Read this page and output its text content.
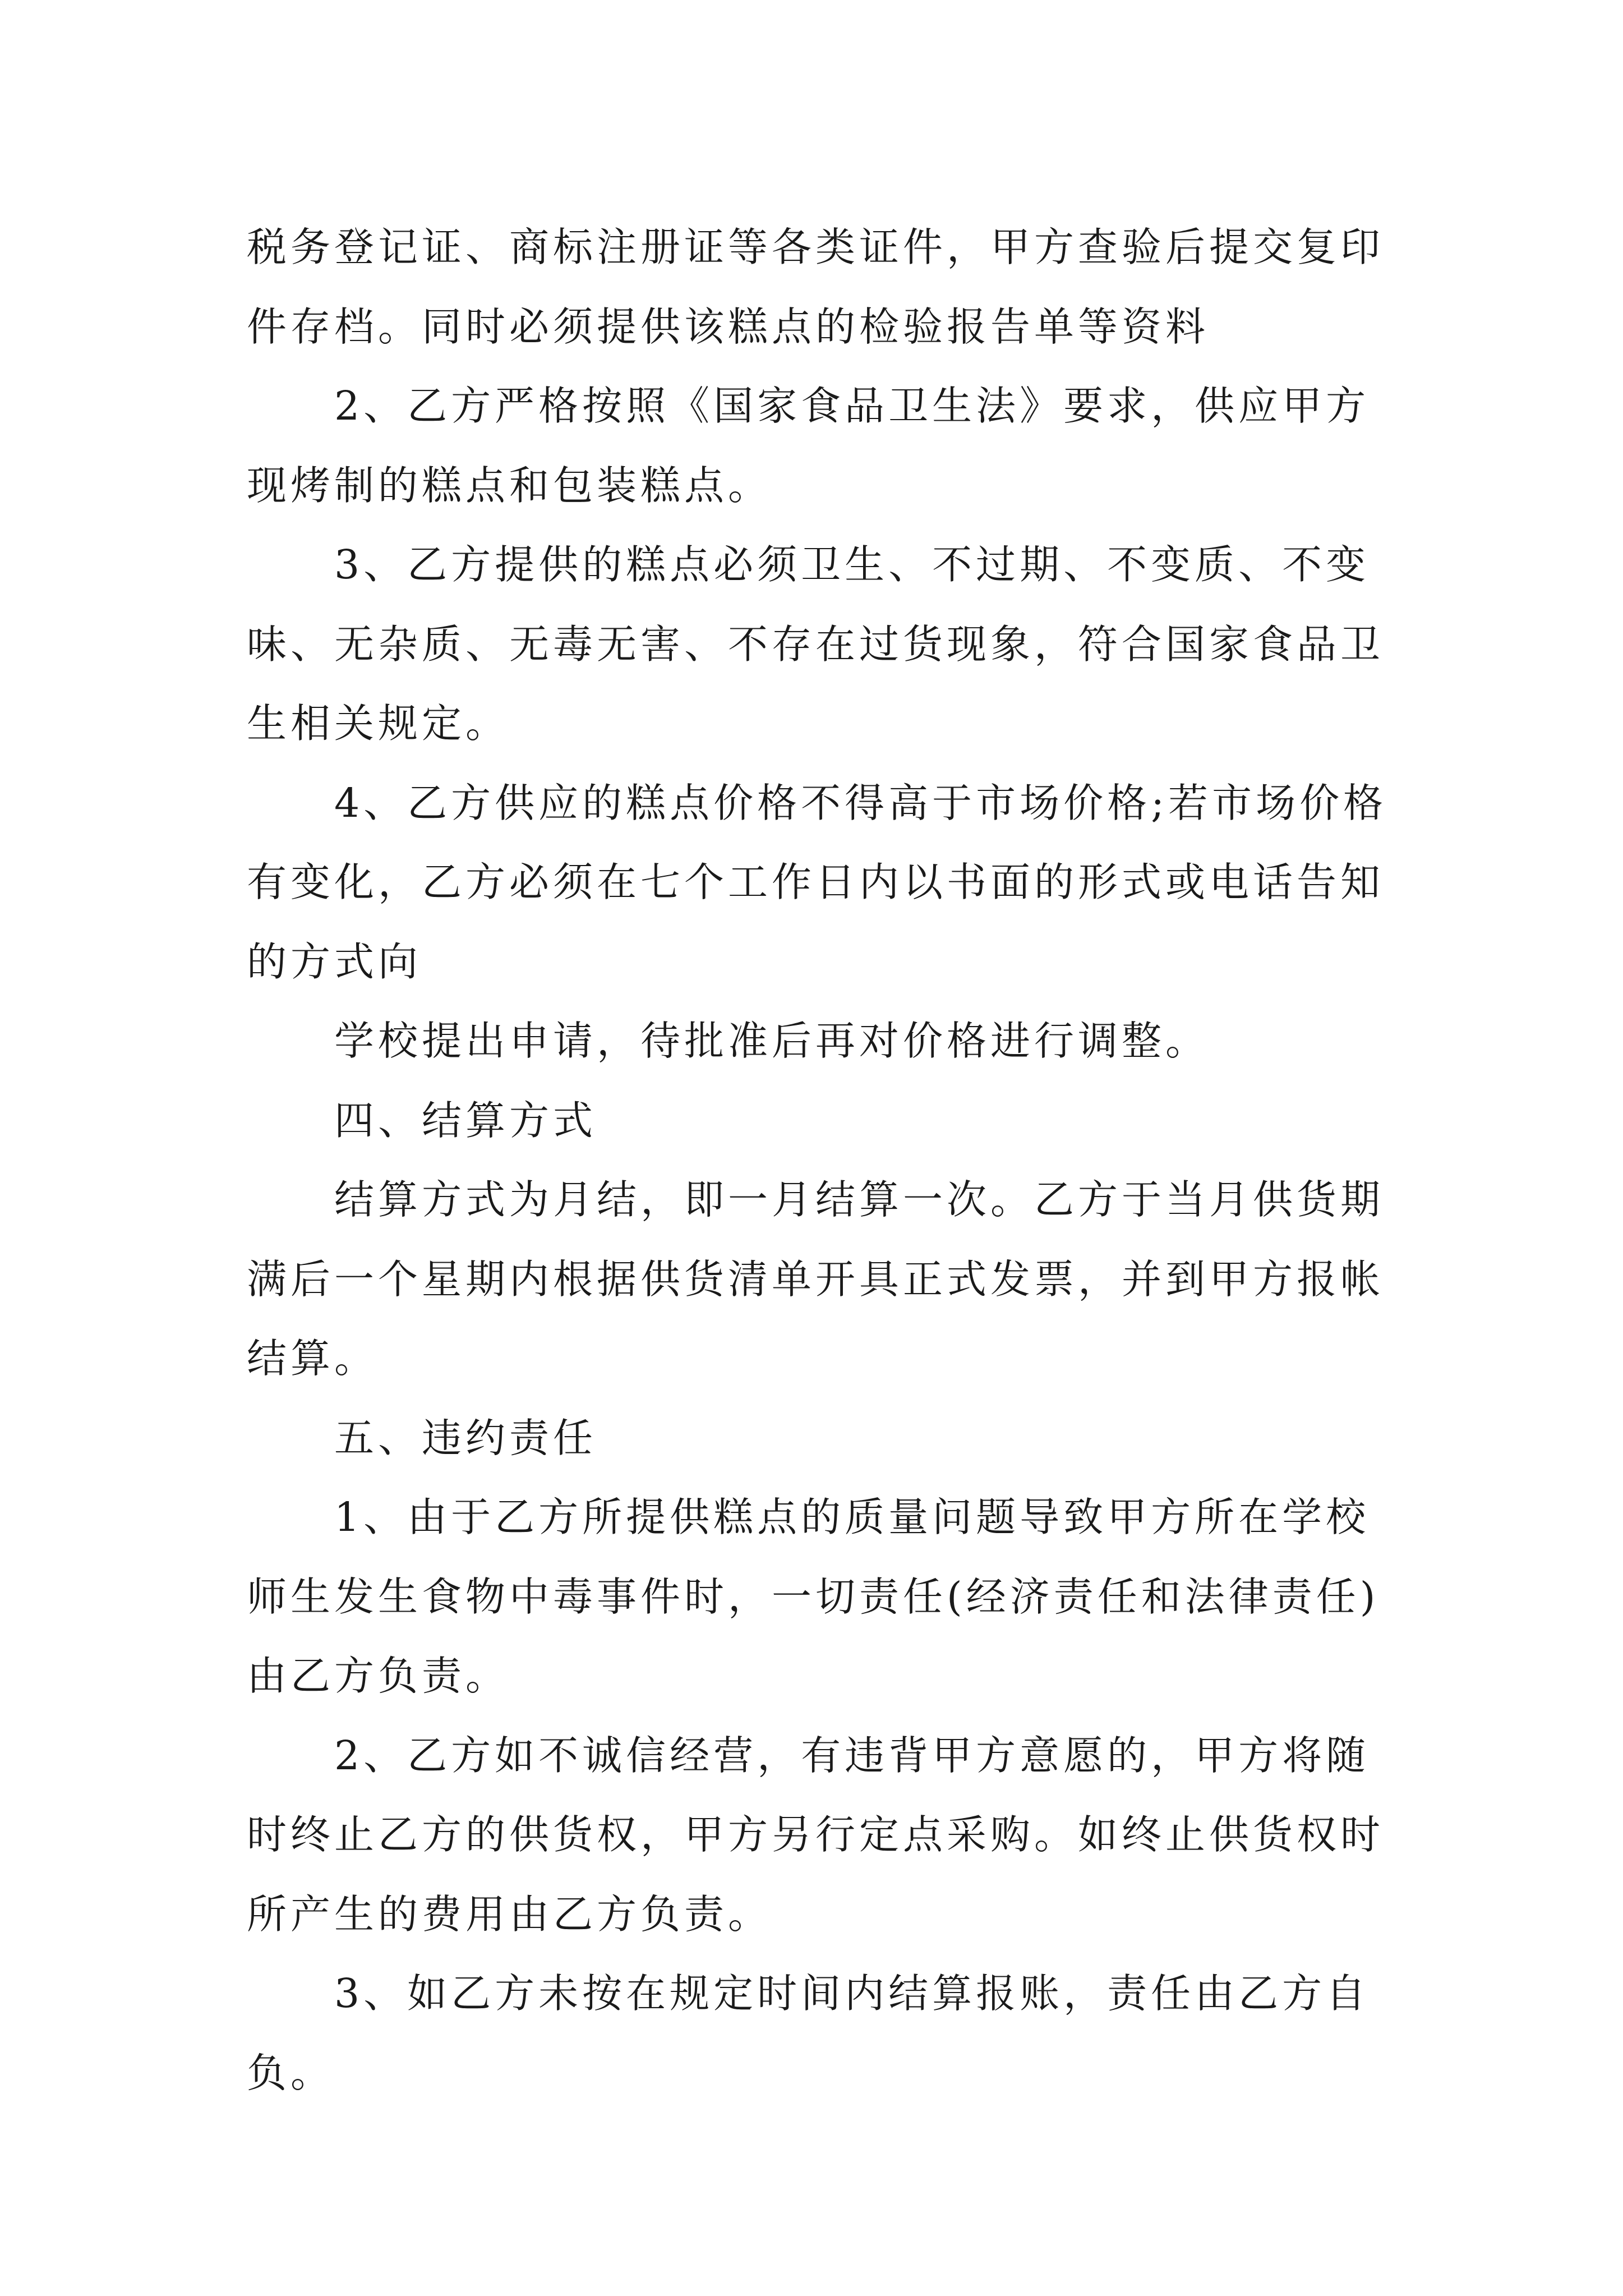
税务登记证、商标注册证等各类证件，甲方查验后提交复印
件存档。同时必须提供该糕点的检验报告单等资料

2、乙方严格按照《国家食品卫生法》要求，供应甲方
现烤制的糕点和包装糕点。

3、乙方提供的糕点必须卫生、不过期、不变质、不变
味、无杂质、无毒无害、不存在过货现象，符合国家食品卫
生相关规定。

4、乙方供应的糕点价格不得高于市场价格;若市场价格
有变化，乙方必须在七个工作日内以书面的形式或电话告知
的方式向

学校提出申请，待批准后再对价格进行调整。

四、结算方式

结算方式为月结，即一月结算一次。乙方于当月供货期
满后一个星期内根据供货清单开具正式发票，并到甲方报帐
结算。

五、违约责任

1、由于乙方所提供糕点的质量问题导致甲方所在学校
师生发生食物中毒事件时，一切责任(经济责任和法律责任)
由乙方负责。

2、乙方如不诚信经营，有违背甲方意愿的，甲方将随
时终止乙方的供货权，甲方另行定点采购。如终止供货权时
所产生的费用由乙方负责。

3、如乙方未按在规定时间内结算报账，责任由乙方自
负。
